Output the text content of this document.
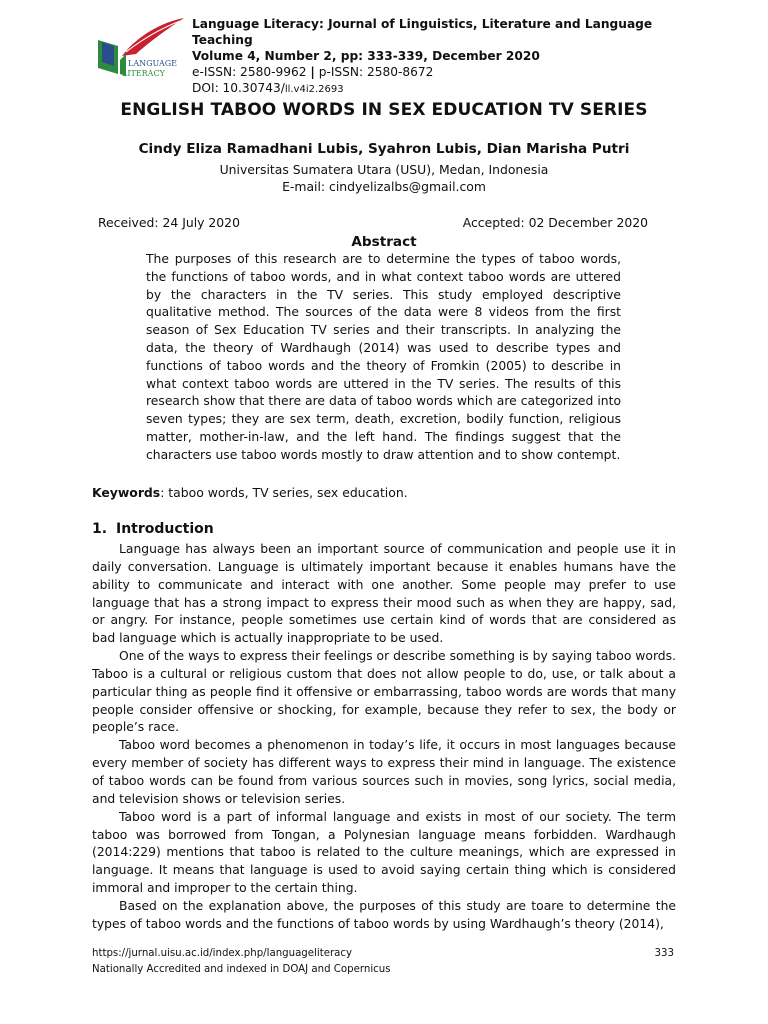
LANGUAGE
LITERACY
Language Literacy: Journal of Linguistics, Literature and Language Teaching
Volume 4, Number 2, pp: 333-339, December 2020
e-ISSN: 2580-9962 | p-ISSN: 2580-8672
DOI: 10.30743/ll.v4i2.2693
ENGLISH TABOO WORDS IN SEX EDUCATION TV SERIES
Cindy Eliza Ramadhani Lubis, Syahron Lubis, Dian Marisha Putri
Universitas Sumatera Utara (USU), Medan, Indonesia
E-mail: cindyelizalbs@gmail.com
Received: 24 July 2020	Accepted: 02 December 2020
Abstract
The purposes of this research are to determine the types of taboo words, the functions of taboo words, and in what context taboo words are uttered by the characters in the TV series. This study employed descriptive qualitative method. The sources of the data were 8 videos from the first season of Sex Education TV series and their transcripts. In analyzing the data, the theory of Wardhaugh (2014) was used to describe types and functions of taboo words and the theory of Fromkin (2005) to describe in what context taboo words are uttered in the TV series. The results of this research show that there are data of taboo words which are categorized into seven types; they are sex term, death, excretion, bodily function, religious matter, mother-in-law, and the left hand. The findings suggest that the characters use taboo words mostly to draw attention and to show contempt.
Keywords: taboo words, TV series, sex education.
1. Introduction

Language has always been an important source of communication and people use it in daily conversation. Language is ultimately important because it enables humans have the ability to communicate and interact with one another. Some people may prefer to use language that has a strong impact to express their mood such as when they are happy, sad, or angry. For instance, people sometimes use certain kind of words that are considered as bad language which is actually inappropriate to be used.

One of the ways to express their feelings or describe something is by saying taboo words. Taboo is a cultural or religious custom that does not allow people to do, use, or talk about a particular thing as people find it offensive or embarrassing, taboo words are words that many people consider offensive or shocking, for example, because they refer to sex, the body or people’s race.

Taboo word becomes a phenomenon in today’s life, it occurs in most languages because every member of society has different ways to express their mind in language. The existence of taboo words can be found from various sources such in movies, song lyrics, social media, and television shows or television series.

Taboo word is a part of informal language and exists in most of our society. The term taboo was borrowed from Tongan, a Polynesian language means forbidden. Wardhaugh (2014:229) mentions that taboo is related to the culture meanings, which are expressed in language. It means that language is used to avoid saying certain thing which is considered immoral and improper to the certain thing.

Based on the explanation above, the purposes of this study are toare to determine the types of taboo words and the functions of taboo words by using Wardhaugh’s theory (2014),

https://jurnal.uisu.ac.id/index.php/languageliteracy
Nationally Accredited and indexed in DOAJ and Copernicus
333
